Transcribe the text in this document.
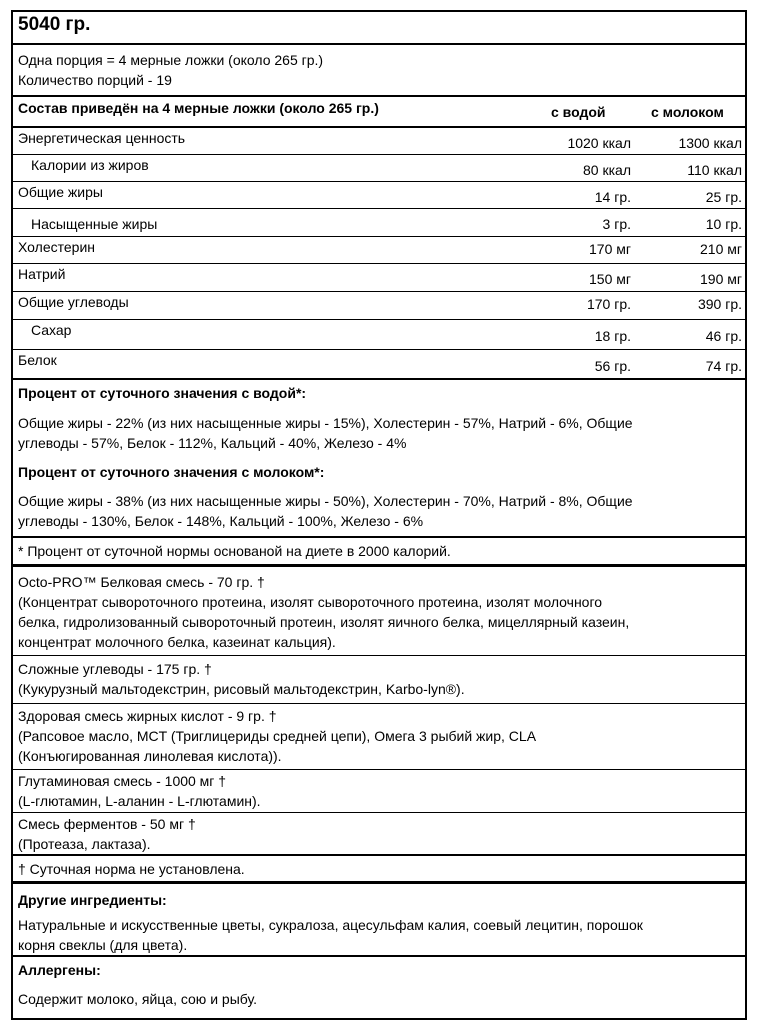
5040 гр.
Одна порция = 4 мерные ложки (около 265 гр.)
Количество порций - 19
Состав приведён на 4 мерные ложки (около 265 гр.)	с водой	с молоком
Энергетическая ценность	1020 ккал	1300 ккал
Калории из жиров	80 ккал	110 ккал
Общие жиры	14 гр.	25 гр.
Насыщенные жиры	3 гр.	10 гр.
Холестерин	170 мг	210 мг
Натрий	150 мг	190 мг
Общие углеводы	170 гр.	390 гр.
Сахар	18 гр.	46 гр.
Белок	56 гр.	74 гр.
Процент от суточного значения с водой*:
Общие жиры - 22% (из них насыщенные жиры - 15%), Холестерин - 57%, Натрий - 6%, Общие
углеводы - 57%, Белок - 112%, Кальций - 40%, Железо - 4%
Процент от суточного значения с молоком*:
Общие жиры - 38% (из них насыщенные жиры - 50%), Холестерин - 70%, Натрий - 8%, Общие
углеводы - 130%, Белок - 148%, Кальций - 100%, Железо - 6%
* Процент от суточной нормы основаной на диете в 2000 калорий.
Octo-PRO™ Белковая смесь - 70 гр. †
(Концентрат сывороточного протеина, изолят сывороточного протеина, изолят молочного
белка, гидролизованный сывороточный протеин, изолят яичного белка, мицеллярный казеин,
концентрат молочного белка, казеинат кальция).
Сложные углеводы - 175 гр. †
(Кукурузный мальтодекстрин, рисовый мальтодекстрин, Karbo-lyn®).
Здоровая смесь жирных кислот - 9 гр. †
(Рапсовое масло, MCT (Триглицериды средней цепи), Омега 3 рыбий жир, CLA
(Конъюгированная линолевая кислота)).
Глутаминовая смесь - 1000 мг †
(L-глютамин, L-аланин - L-глютамин).
Смесь ферментов - 50 мг †
(Протеаза, лактаза).
† Суточная норма не установлена.
Другие ингредиенты:
Натуральные и искусственные цветы, сукралоза, ацесульфам калия, соевый лецитин, порошок
корня свеклы (для цвета).
Аллергены:
Содержит молоко, яйца, сою и рыбу.
